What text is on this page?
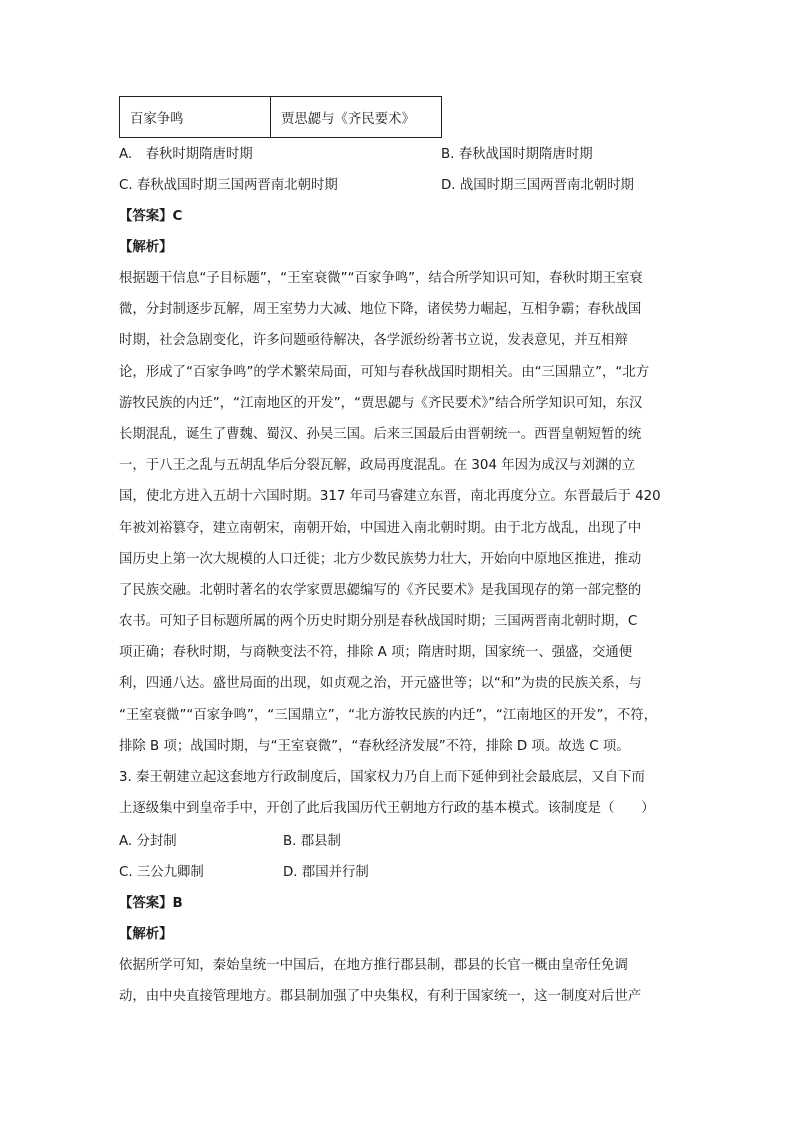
百家争鸣	贾思勰与《齐民要术》
A.　春秋时期隋唐时期	B. 春秋战国时期隋唐时期
C. 春秋战国时期三国两晋南北朝时期	D. 战国时期三国两晋南北朝时期
【答案】C
【解析】
根据题干信息“子目标题”，“王室衰微”“百家争鸣”，结合所学知识可知，春秋时期王室衰
微，分封制逐步瓦解，周王室势力大减、地位下降，诸侯势力崛起，互相争霸；春秋战国
时期，社会急剧变化，许多问题亟待解决，各学派纷纷著书立说，发表意见，并互相辩
论，形成了“百家争鸣”的学术繁荣局面，可知与春秋战国时期相关。由“三国鼎立”，“北方
游牧民族的内迁”，“江南地区的开发”，“贾思勰与《齐民要术》”结合所学知识可知，东汉
长期混乱，诞生了曹魏、蜀汉、孙吴三国。后来三国最后由晋朝统一。西晋皇朝短暂的统
一，于八王之乱与五胡乱华后分裂瓦解，政局再度混乱。在 304 年因为成汉与刘渊的立
国，使北方进入五胡十六国时期。317 年司马睿建立东晋，南北再度分立。东晋最后于 420
年被刘裕篡夺，建立南朝宋，南朝开始，中国进入南北朝时期。由于北方战乱，出现了中
国历史上第一次大规模的人口迁徙；北方少数民族势力壮大，开始向中原地区推进，推动
了民族交融。北朝时著名的农学家贾思勰编写的《齐民要术》是我国现存的第一部完整的
农书。可知子目标题所属的两个历史时期分别是春秋战国时期；三国两晋南北朝时期，C
项正确；春秋时期，与商鞅变法不符，排除 A 项；隋唐时期，国家统一、强盛，交通便
利，四通八达。盛世局面的出现，如贞观之治，开元盛世等；以“和”为贵的民族关系，与
“王室衰微”“百家争鸣”，“三国鼎立”，“北方游牧民族的内迁”，“江南地区的开发”，不符，
排除 B 项；战国时期，与“王室衰微”，“春秋经济发展”不符，排除 D 项。故选 C 项。
3. 秦王朝建立起这套地方行政制度后，国家权力乃自上而下延伸到社会最底层，又自下而
上逐级集中到皇帝手中，开创了此后我国历代王朝地方行政的基本模式。该制度是（　　）
A. 分封制	B. 郡县制
C. 三公九卿制	D. 郡国并行制
【答案】B
【解析】
依据所学可知，秦始皇统一中国后，在地方推行郡县制，郡县的长官一概由皇帝任免调
动，由中央直接管理地方。郡县制加强了中央集权，有利于国家统一，这一制度对后世产
